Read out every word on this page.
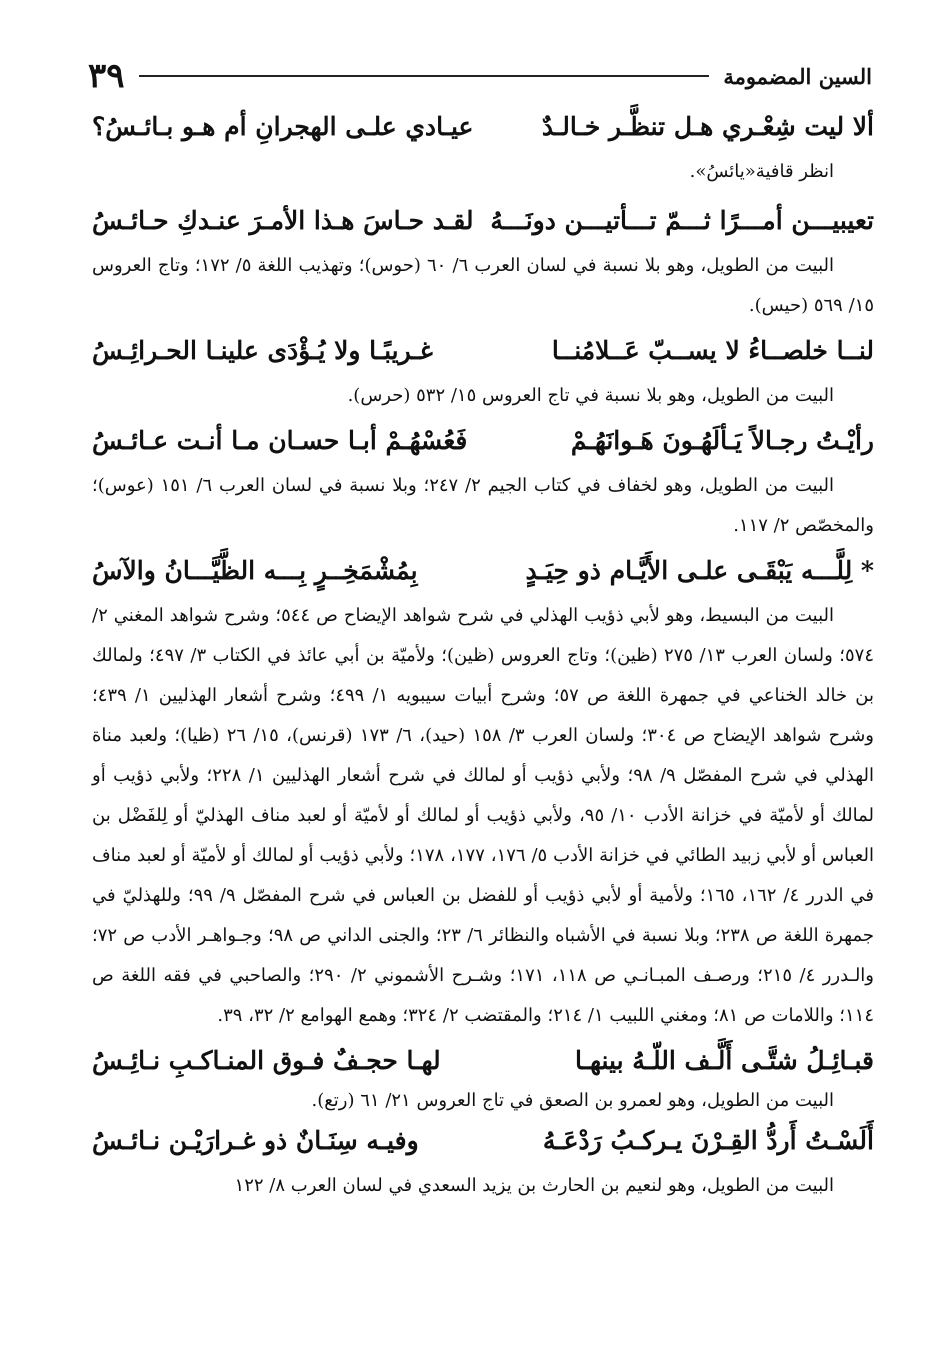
السين المضمومة
٣٩
ألا ليت شِعْـري هـل تنظَّـر خـالـدٌ
عيـادي علـى الهجرانِ أم هـو بـائـسُ؟
انظر قافية«يائسُ».
تعيبيـــن أمـــرًا ثـــمّ تـــأتيـــن دونَـــهُ
لقـد حـاسَ هـذا الأمـرَ عنـدكِ حـائـسُ
البيت من الطويل، وهو بلا نسبة في لسان العرب ٦/ ٦٠ (حوس)؛ وتهذيب اللغة ٥/ ١٧٢؛ وتاج العروس ١٥/ ٥٦٩ (حيس).
لنــا خلصــاءُ لا يســبّ عَــلامُنــا
غـريبًـا ولا يُـؤْدَى علينـا الحـرائِـسُ
البيت من الطويل، وهو بلا نسبة في تاج العروس ١٥/ ٥٣٢ (حرس).
رأيْـتُ رجـالاً يَـألَهُـونَ هَـوانَهُـمْ
فَعُسْهُـمْ أبـا حسـان مـا أنـت عـائـسُ
البيت من الطويل، وهو لخفاف في كتاب الجيم ٢/ ٢٤٧؛ وبلا نسبة في لسان العرب ٦/ ١٥١ (عوس)؛ والمخصّص ٢/ ١١٧.
* لِلَّـــه يَبْقَـى علـى الأَيَّـام ذو حِيَـدٍ
بِمُشْمَخِــرٍ بِـــه الظَّيَّـــانُ والآسُ
البيت من البسيط، وهو لأبي ذؤيب الهذلي في شرح شواهد الإيضاح ص ٥٤٤؛ وشرح شواهد المغني ٢/ ٥٧٤؛ ولسان العرب ١٣/ ٢٧٥ (ظين)؛ وتاج العروس (ظين)؛ ولأميّة بن أبي عائذ في الكتاب ٣/ ٤٩٧؛ ولمالك بن خالد الخناعي في جمهرة اللغة ص ٥٧؛ وشرح أبيات سيبويه ١/ ٤٩٩؛ وشرح أشعار الهذليين ١/ ٤٣٩؛ وشرح شواهد الإيضاح ص ٣٠٤؛ ولسان العرب ٣/ ١٥٨ (حيد)، ٦/ ١٧٣ (قرنس)، ١٥/ ٢٦ (ظيا)؛ ولعبد مناة الهذلي في شرح المفصّل ٩/ ٩٨؛ ولأبي ذؤيب أو لمالك في شرح أشعار الهذليين ١/ ٢٢٨؛ ولأبي ذؤيب أو لمالك أو لأميّة في خزانة الأدب ١٠/ ٩٥، ولأبي ذؤيب أو لمالك أو لأميّة أو لعبد مناف الهذليّ أو لِلفَضْل بن العباس أو لأبي زبيد الطائي في خزانة الأدب ٥/ ١٧٦، ١٧٧، ١٧٨؛ ولأبي ذؤيب أو لمالك أو لأميّة أو لعبد مناف في الدرر ٤/ ١٦٢، ١٦٥؛ ولأمية أو لأبي ذؤيب أو للفضل بن العباس في شرح المفصّل ٩/ ٩٩؛ وللهذليّ في جمهرة اللغة ص ٢٣٨؛ وبلا نسبة في الأشباه والنظائر ٦/ ٢٣؛ والجنى الداني ص ٩٨؛ وجـواهـر الأدب ص ٧٢؛ والـدرر ٤/ ٢١٥؛ ورصـف المبـانـي ص ١١٨، ١٧١؛ وشـرح الأشموني ٢/ ٢٩٠؛ والصاحبي في فقه اللغة ص ١١٤؛ واللامات ص ٨١؛ ومغني اللبيب ١/ ٢١٤؛ والمقتضب ٢/ ٣٢٤؛ وهمع الهوامع ٢/ ٣٢، ٣٩.
قبـائِـلُ شتَّـى أَلَّـف اللّـهُ بينهـا
لهـا حجـفٌ فـوق المنـاكـبِ نـائِـسُ
البيت من الطويل، وهو لعمرو بن الصعق في تاج العروس ٢١/ ٦١ (رتع).
أَلَسْـتُ أَردُّ القِـرْنَ يـركـبُ رَدْعَـهُ
وفيـه سِنَـانٌ ذو غـرارَيْـن نـائـسُ
البيت من الطويل، وهو لنعيم بن الحارث بن يزيد السعدي في لسان العرب ٨/ ١٢٢
